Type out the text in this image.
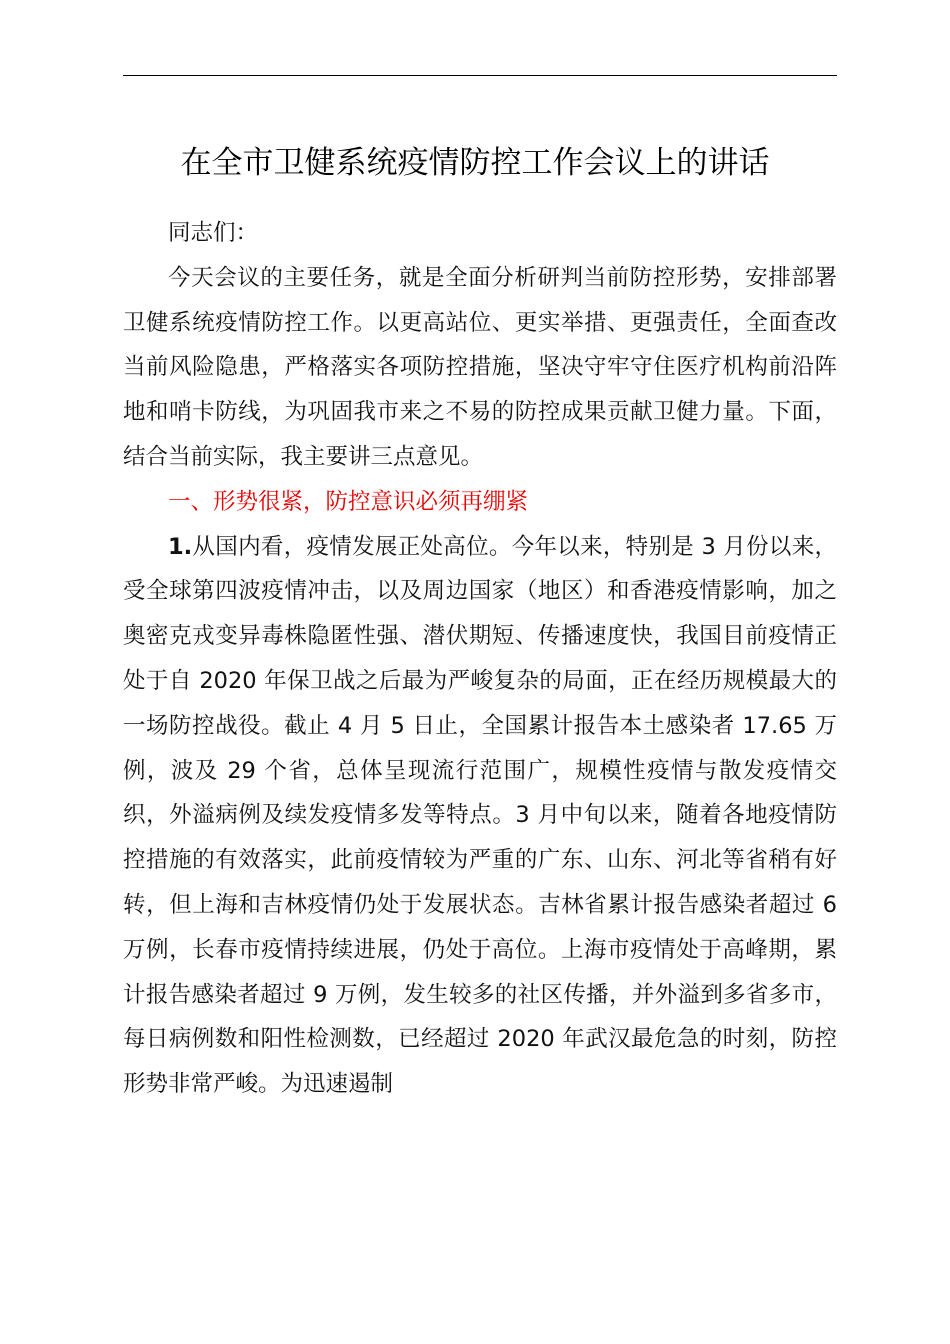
在全市卫健系统疫情防控工作会议上的讲话

同志们：

今天会议的主要任务，就是全面分析研判当前防控形势，安排部署卫健系统疫情防控工作。以更高站位、更实举措、更强责任，全面查改当前风险隐患，严格落实各项防控措施，坚决守牢守住医疗机构前沿阵地和哨卡防线，为巩固我市来之不易的防控成果贡献卫健力量。下面，结合当前实际，我主要讲三点意见。

一、形势很紧，防控意识必须再绷紧

1.从国内看，疫情发展正处高位。今年以来，特别是 3 月份以来，受全球第四波疫情冲击，以及周边国家（地区）和香港疫情影响，加之奥密克戎变异毒株隐匿性强、潜伏期短、传播速度快，我国目前疫情正处于自 2020 年保卫战之后最为严峻复杂的局面，正在经历规模最大的一场防控战役。截止 4 月 5 日止，全国累计报告本土感染者 17.65 万例，波及 29 个省，总体呈现流行范围广，规模性疫情与散发疫情交织，外溢病例及续发疫情多发等特点。3 月中旬以来，随着各地疫情防控措施的有效落实，此前疫情较为严重的广东、山东、河北等省稍有好转，但上海和吉林疫情仍处于发展状态。吉林省累计报告感染者超过 6 万例，长春市疫情持续进展，仍处于高位。上海市疫情处于高峰期，累计报告感染者超过 9 万例，发生较多的社区传播，并外溢到多省多市，每日病例数和阳性检测数，已经超过 2020 年武汉最危急的时刻，防控形势非常严峻。为迅速遏制
